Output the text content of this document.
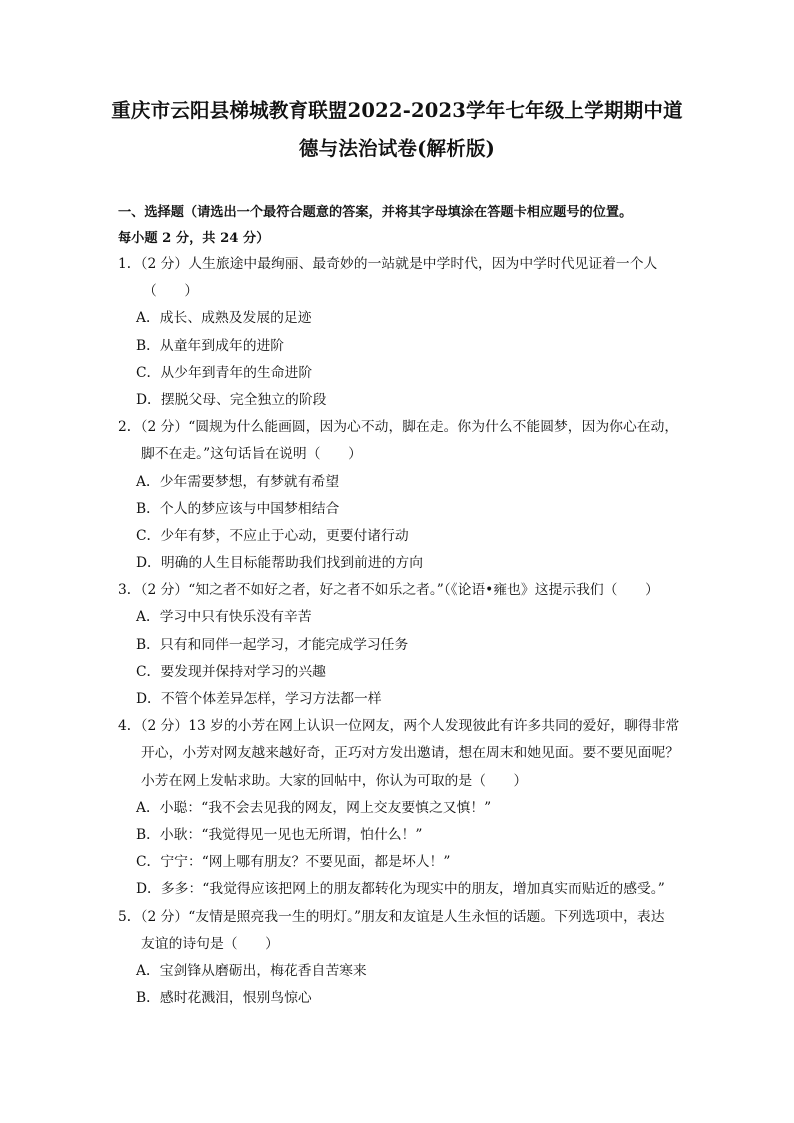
重庆市云阳县梯城教育联盟2022-2023学年七年级上学期期中道
德与法治试卷(解析版)
一、选择题（请选出一个最符合题意的答案，并将其字母填涂在答题卡相应题号的位置。
每小题 2 分，共 24 分）
1．（2 分）人生旅途中最绚丽、最奇妙的一站就是中学时代，因为中学时代见证着一个人
（　　）
A．成长、成熟及发展的足迹
B．从童年到成年的进阶
C．从少年到青年的生命进阶
D．摆脱父母、完全独立的阶段
2．（2 分）“圆规为什么能画圆，因为心不动，脚在走。你为什么不能圆梦，因为你心在动，
脚不在走。”这句话旨在说明（　　）
A．少年需要梦想，有梦就有希望
B．个人的梦应该与中国梦相结合
C．少年有梦，不应止于心动，更要付诸行动
D．明确的人生目标能帮助我们找到前进的方向
3．（2 分）“知之者不如好之者，好之者不如乐之者。”（《论语•雍也》这提示我们（　　）
A．学习中只有快乐没有辛苦
B．只有和同伴一起学习，才能完成学习任务
C．要发现并保持对学习的兴趣
D．不管个体差异怎样，学习方法都一样
4．（2 分）13 岁的小芳在网上认识一位网友，两个人发现彼此有许多共同的爱好，聊得非常
开心，小芳对网友越来越好奇，正巧对方发出邀请，想在周末和她见面。要不要见面呢？
小芳在网上发帖求助。大家的回帖中，你认为可取的是（　　）
A．小聪：“我不会去见我的网友，网上交友要慎之又慎！”
B．小耿：“我觉得见一见也无所谓，怕什么！”
C．宁宁：“网上哪有朋友？不要见面，都是坏人！”
D．多多：“我觉得应该把网上的朋友都转化为现实中的朋友，增加真实而贴近的感受。”
5．（2 分）“友情是照亮我一生的明灯。”朋友和友谊是人生永恒的话题。下列选项中，表达
友谊的诗句是（　　）
A．宝剑锋从磨砺出，梅花香自苦寒来
B．感时花溅泪，恨别鸟惊心
